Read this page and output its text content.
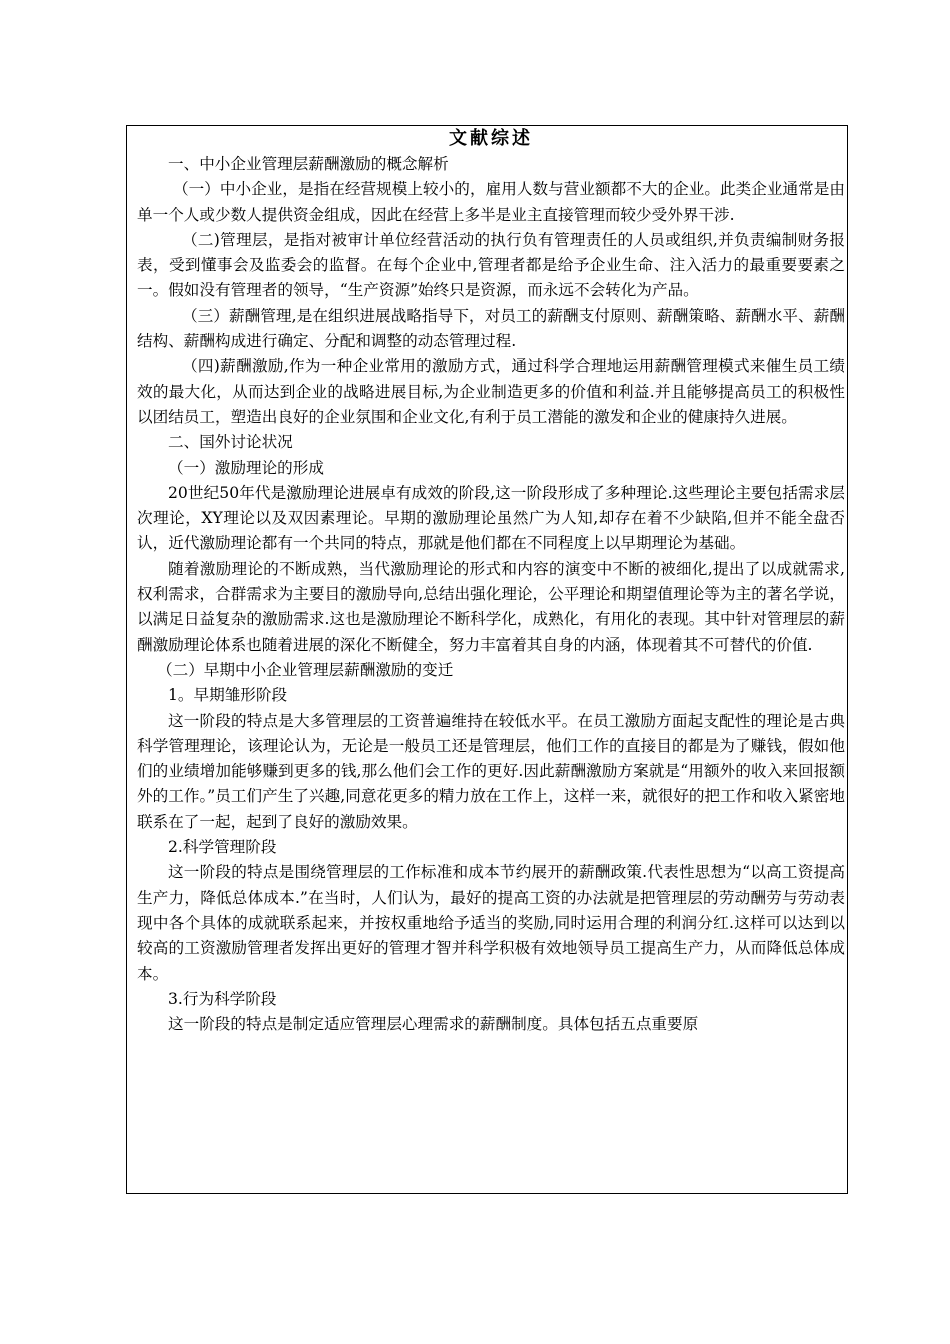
文献综述

一、中小企业管理层薪酬激励的概念解析

（一）中小企业，是指在经营规模上较小的，雇用人数与营业额都不大的企业。此类企业通常是由单一个人或少数人提供资金组成，因此在经营上多半是业主直接管理而较少受外界干涉.

（二)管理层，是指对被审计单位经营活动的执行负有管理责任的人员或组织,并负责编制财务报表，受到懂事会及监委会的监督。在每个企业中,管理者都是给予企业生命、注入活力的最重要要素之一。假如没有管理者的领导，“生产资源”始终只是资源，而永远不会转化为产品。

（三）薪酬管理,是在组织进展战略指导下，对员工的薪酬支付原则、薪酬策略、薪酬水平、薪酬结构、薪酬构成进行确定、分配和调整的动态管理过程.

（四)薪酬激励,作为一种企业常用的激励方式，通过科学合理地运用薪酬管理模式来催生员工绩效的最大化，从而达到企业的战略进展目标,为企业制造更多的价值和利益.并且能够提高员工的积极性以团结员工，塑造出良好的企业氛围和企业文化,有利于员工潜能的激发和企业的健康持久进展。

二、国外讨论状况

（一）激励理论的形成

20世纪50年代是激励理论进展卓有成效的阶段,这一阶段形成了多种理论.这些理论主要包括需求层次理论，XY理论以及双因素理论。早期的激励理论虽然广为人知,却存在着不少缺陷,但并不能全盘否认，近代激励理论都有一个共同的特点，那就是他们都在不同程度上以早期理论为基础。

随着激励理论的不断成熟，当代激励理论的形式和内容的演变中不断的被细化,提出了以成就需求,权利需求，合群需求为主要目的激励导向,总结出强化理论，公平理论和期望值理论等为主的著名学说，以满足日益复杂的激励需求.这也是激励理论不断科学化，成熟化，有用化的表现。其中针对管理层的薪酬激励理论体系也随着进展的深化不断健全，努力丰富着其自身的内涵，体现着其不可替代的价值.

（二）早期中小企业管理层薪酬激励的变迁

1。早期雏形阶段

这一阶段的特点是大多管理层的工资普遍维持在较低水平。在员工激励方面起支配性的理论是古典科学管理理论，该理论认为，无论是一般员工还是管理层，他们工作的直接目的都是为了赚钱，假如他们的业绩增加能够赚到更多的钱,那么他们会工作的更好.因此薪酬激励方案就是“用额外的收入来回报额外的工作。”员工们产生了兴趣,同意花更多的精力放在工作上，这样一来，就很好的把工作和收入紧密地联系在了一起，起到了良好的激励效果。

2.科学管理阶段

这一阶段的特点是围绕管理层的工作标准和成本节约展开的薪酬政策.代表性思想为“以高工资提高生产力，降低总体成本.”在当时，人们认为，最好的提高工资的办法就是把管理层的劳动酬劳与劳动表现中各个具体的成就联系起来，并按权重地给予适当的奖励,同时运用合理的利润分红.这样可以达到以较高的工资激励管理者发挥出更好的管理才智并科学积极有效地领导员工提高生产力，从而降低总体成本。

3.行为科学阶段

这一阶段的特点是制定适应管理层心理需求的薪酬制度。具体包括五点重要原
